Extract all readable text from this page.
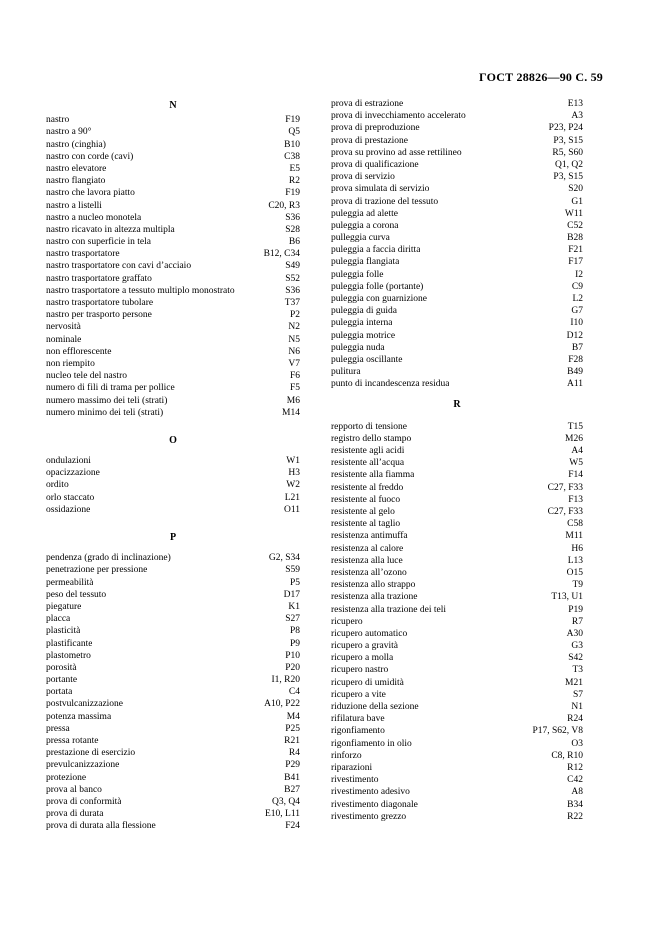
ГОСТ 28826—90 С. 59
N
nastro	F19
nastro a 90°	Q5
nastro (cinghia)	B10
nastro con corde (cavi)	C38
nastro elevatore	E5
nastro flangiato	R2
nastro che lavora piatto	F19
nastro a listelli	C20, R3
nastro a nucleo monotela	S36
nastro ricavato in altezza multipla	S28
nastro con superficie in tela	B6
nastro trasportatore	B12, C34
nastro trasportatore con cavi d’acciaio	S49
nastro trasportatore graffato	S52
nastro trasportatore a tessuto multiplo monostrato	S36
nastro trasportatore tubolare	T37
nastro per trasporto persone	P2
nervosità	N2
nominale	N5
non efflorescente	N6
non riempito	V7
nucleo tele del nastro	F6
numero di fili di trama per pollice	F5
numero massimo dei teli (strati)	M6
numero minimo dei teli (strati)	M14
O
ondulazioni	W1
opacizzazione	H3
ordito	W2
orlo staccato	L21
ossidazione	O11
P
pendenza (grado di inclinazione)	G2, S34
penetrazione per pressione	S59
permeabilità	P5
peso del tessuto	D17
piegature	K1
placca	S27
plasticità	P8
plastificante	P9
plastometro	P10
porosità	P20
portante	I1, R20
portata	C4
postvulcanizzazione	A10, P22
potenza massima	M4
pressa	P25
pressa rotante	R21
prestazione di esercizio	R4
prevulcanizzazione	P29
protezione	B41
prova al banco	B27
prova di conformità	Q3, Q4
prova di durata	E10, L11
prova di durata alla flessione	F24
prova di estrazione	E13
prova di invecchiamento accelerato	A3
prova di preproduzione	P23, P24
prova di prestazione	P3, S15
prova su provino ad asse rettilineo	R5, S60
prova di qualificazione	Q1, Q2
prova di servizio	P3, S15
prova simulata di servizio	S20
prova di trazione del tessuto	G1
puleggia ad alette	W11
puleggia a corona	C52
pulleggia curva	B28
puleggia a faccia diritta	F21
puleggia flangiata	F17
puleggia folle	I2
puleggia folle (portante)	C9
puleggia con guarnizione	L2
puleggia di guida	G7
puleggia interna	I10
puleggia motrice	D12
puleggia nuda	B7
puleggia oscillante	F28
pulitura	B49
punto di incandescenza residua	A11
R
repporto di tensione	T15
registro dello stampo	M26
resistente agli acidi	A4
resistente all’acqua	W5
resistente alla fiamma	F14
resistente al freddo	C27, F33
resistente al fuoco	F13
resistente al gelo	C27, F33
resistente al taglio	C58
resistenza antimuffa	M11
resistenza al calore	H6
resistenza alla luce	L13
resistenza all’ozono	O15
resistenza allo strappo	T9
resistenza alla trazione	T13, U1
resistenza alla trazione dei teli	P19
ricupero	R7
ricupero automatico	A30
ricupero a gravità	G3
ricupero a molla	S42
ricupero nastro	T3
ricupero di umidità	M21
ricupero a vite	S7
riduzione della sezione	N1
rifilatura bave	R24
rigonfiamento	P17, S62, V8
rigonfiamento in olio	O3
rinforzo	C8, R10
riparazioni	R12
rivestimento	C42
rivestimento adesivo	A8
rivestimento diagonale	B34
rivestimento grezzo	R22
